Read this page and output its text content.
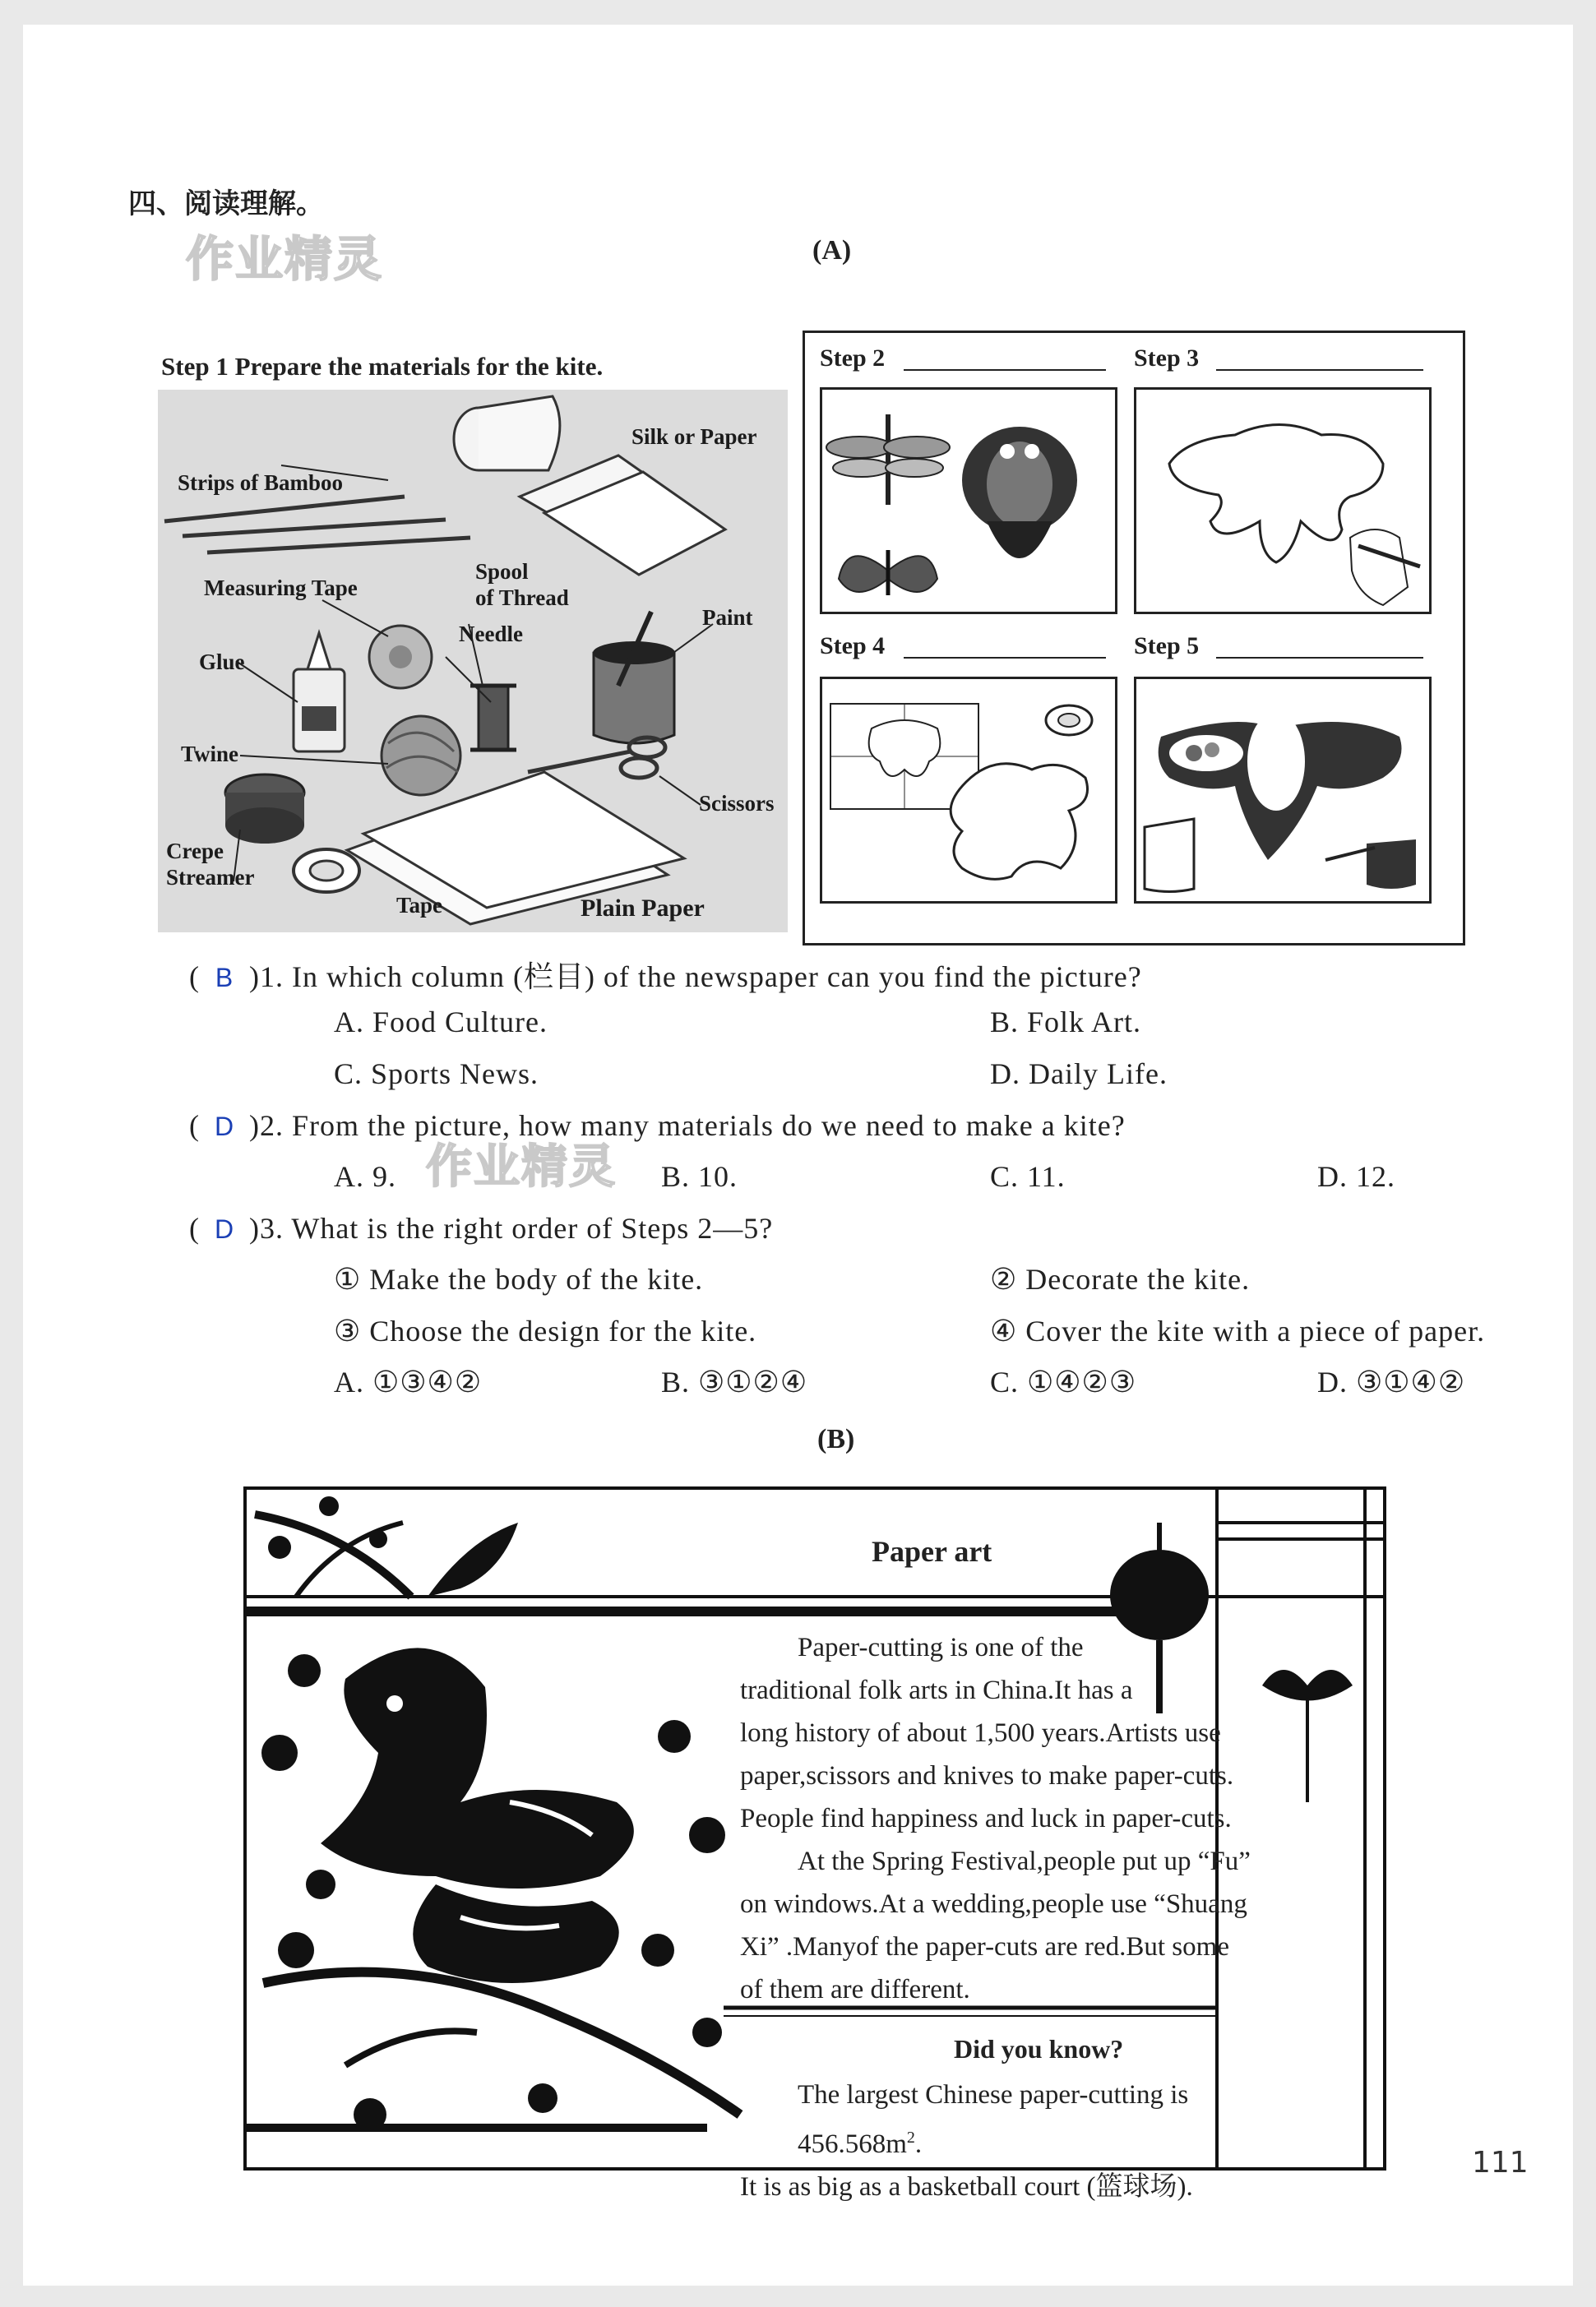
四、阅读理解。
作业精灵	(A)
Step 1 Prepare the materials for the kite.
Silk or Paper
Strips of Bamboo
Measuring Tape
Spool
of Thread
Needle
Paint
Glue
Twine
Scissors
Crepe
Streamer
Tape	Plain Paper
Step 2	Step 3
Step 4	Step 5
( B )1. In which column (栏目) of the newspaper can you find the picture?
A. Food Culture.	B. Folk Art.
C. Sports News.	D. Daily Life.
( D )2. From the picture, how many materials do we need to make a kite?
作业精灵
A. 9.	B. 10.	C. 11.	D. 12.
( D )3. What is the right order of Steps 2—5?
① Make the body of the kite.	② Decorate the kite.
③ Choose the design for the kite.	④ Cover the kite with a piece of paper.
A. ①③④②	B. ③①②④	C. ①④②③	D. ③①④②
(B)
Paper art
Paper-cutting is one of the
traditional folk arts in China.It has a
long history of about 1,500 years.Artists use
paper,scissors and knives to make paper-cuts.
People find happiness and luck in paper-cuts.
At the Spring Festival,people put up “Fu”
on windows.At a wedding,people use “Shuang
Xi” .Manyof the paper-cuts are red.But some
of them are different.
Did you know?
The largest Chinese paper-cutting is $456.568m^2$.
It is as big as a basketball court (篮球场).
111
